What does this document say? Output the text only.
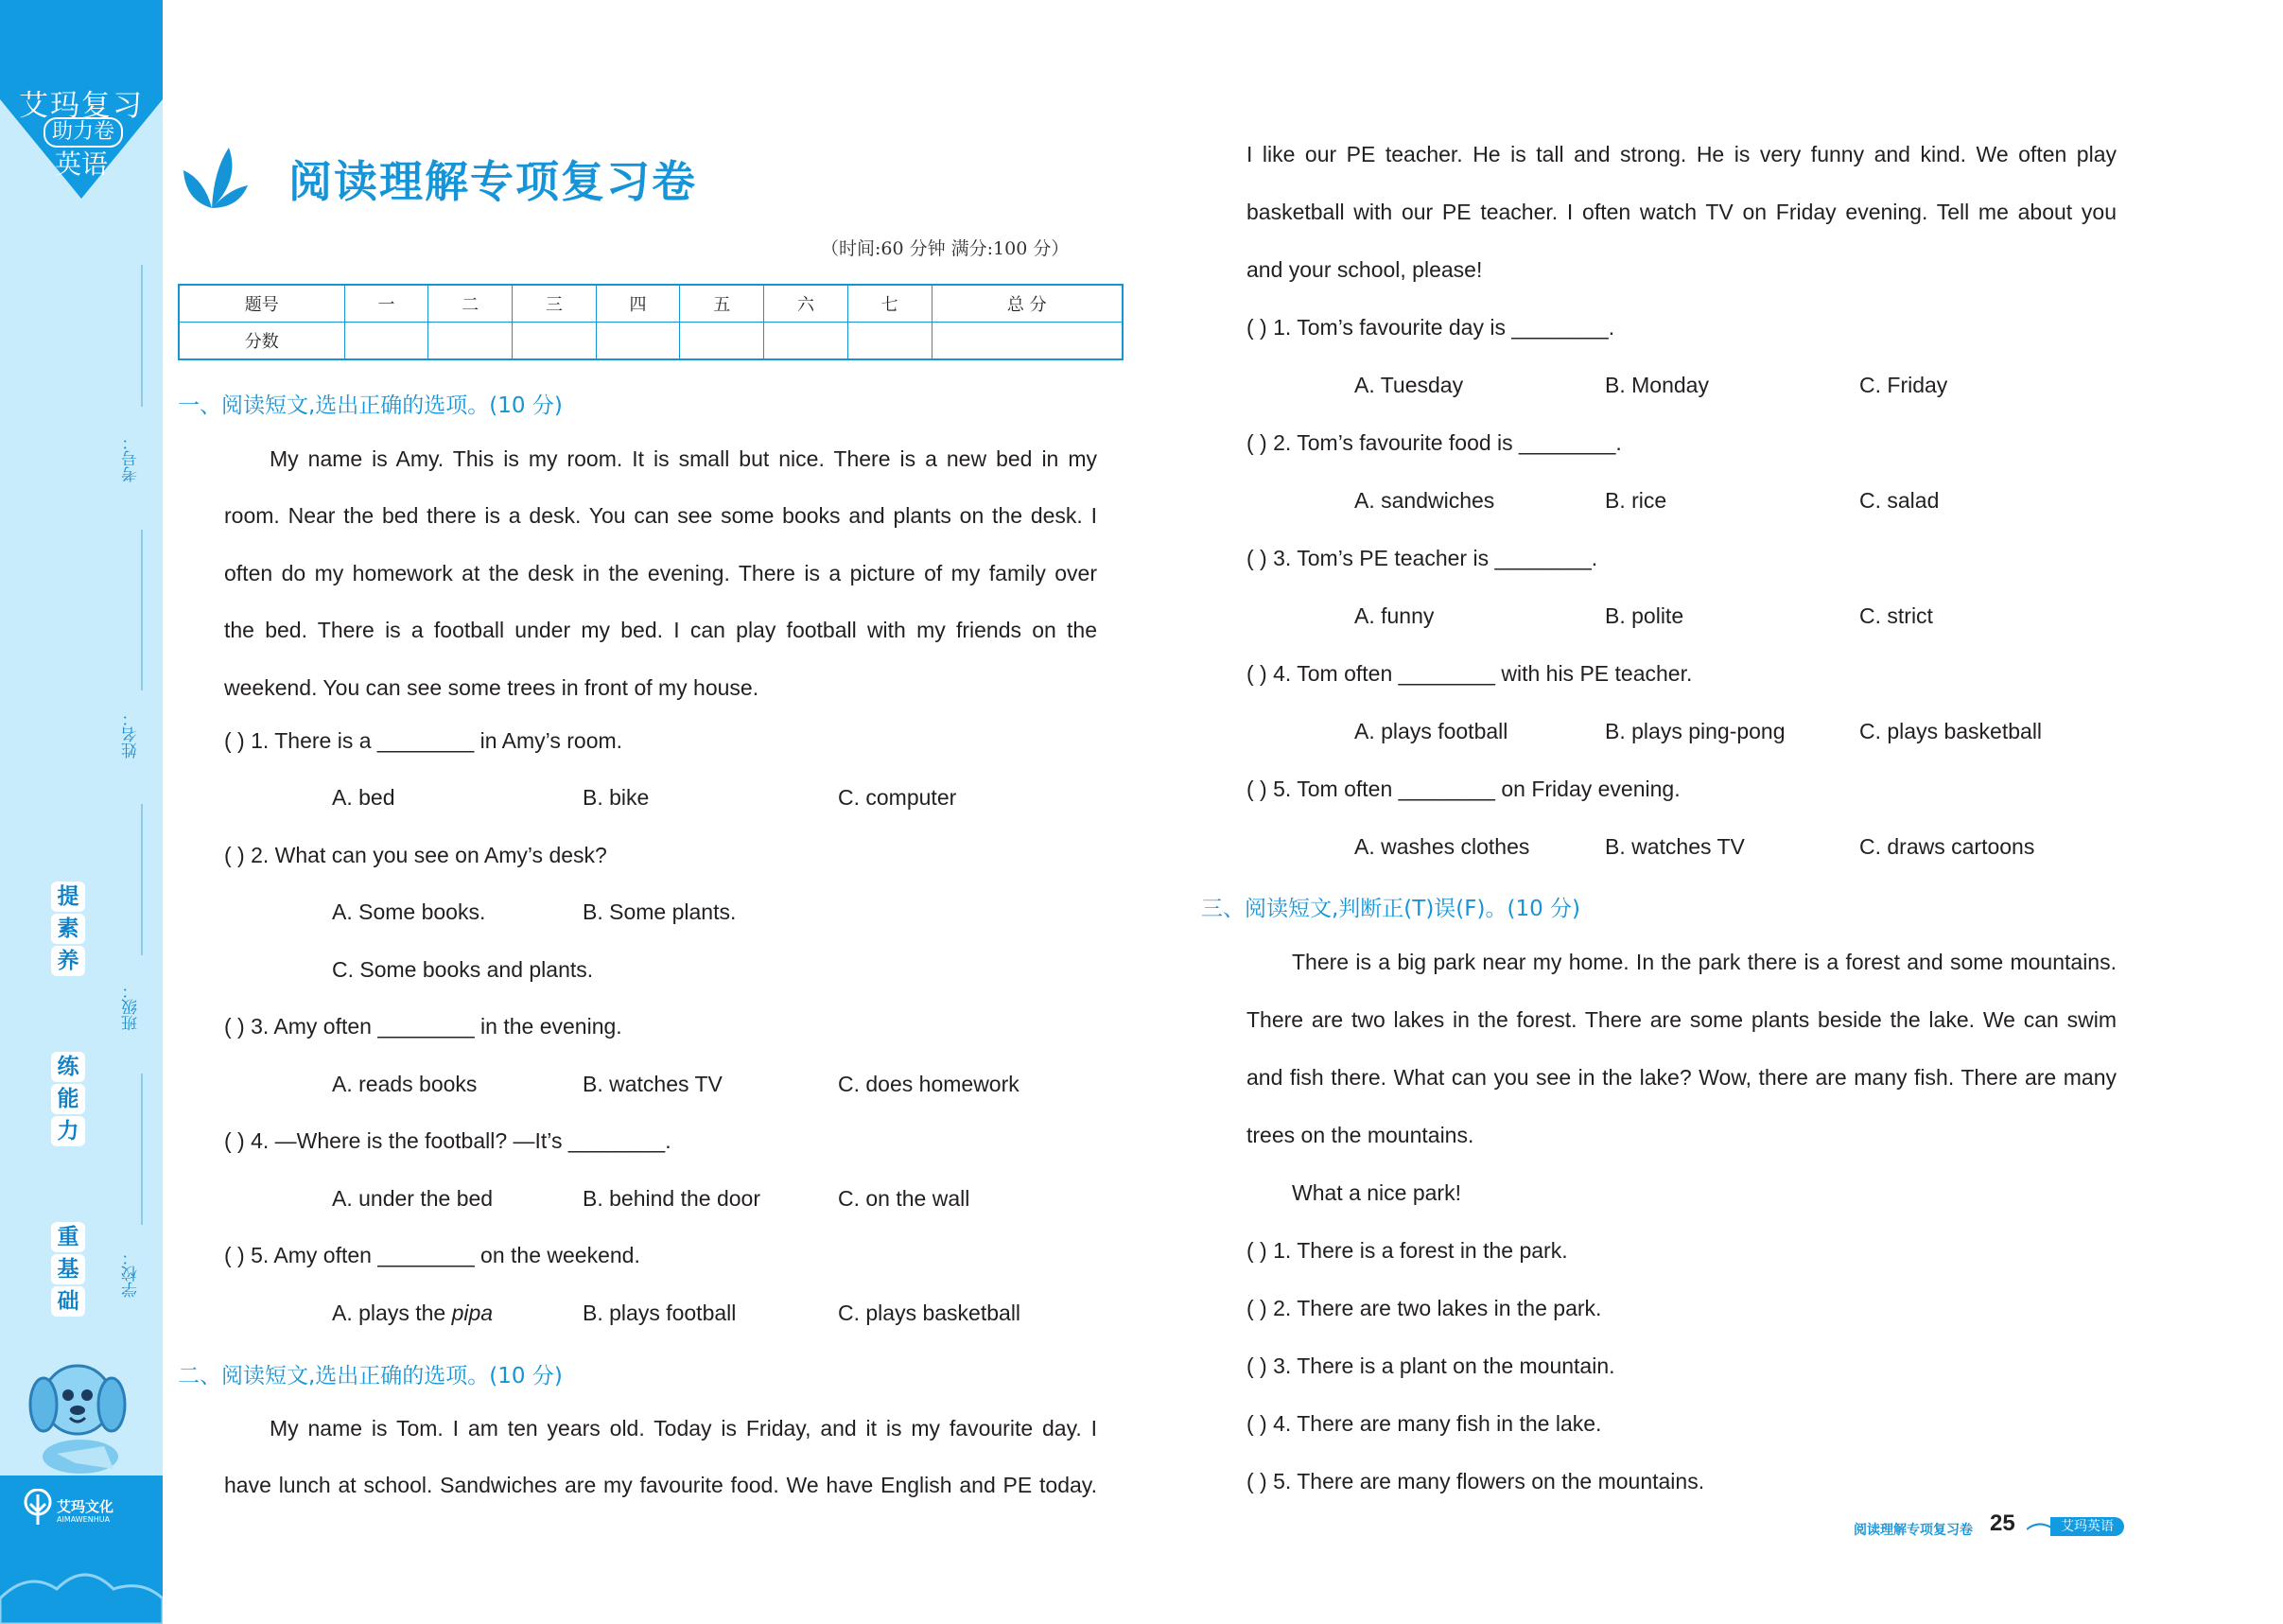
艾玛复习
助力卷
英语
考号：
姓名：
班级：
学校：
提
素
养
练
能
力
重
基
础
艾玛文化
AIMAWENHUA
阅读理解专项复习卷
（时间:60 分钟 满分:100 分）
题号	一	二	三	四	五	六	七	总 分
分数								
一、阅读短文,选出正确的选项。(10 分)
My name is Amy. This is my room. It is small but nice. There is a new bed in my
room. Near the bed there is a desk. You can see some books and plants on the desk. I
often do my homework at the desk in the evening. There is a picture of my family over
the bed. There is a football under my bed. I can play football with my friends on the
weekend. You can see some trees in front of my house.
( ) 1. There is a ________ in Amy’s room.
A. bed	B. bike	C. computer
( ) 2. What can you see on Amy’s desk?
A. Some books.	B. Some plants.
C. Some books and plants.
( ) 3. Amy often ________ in the evening.
A. reads books	B. watches TV	C. does homework
( ) 4. —Where is the football? —It’s ________.
A. under the bed	B. behind the door	C. on the wall
( ) 5. Amy often ________ on the weekend.
A. plays the pipa	B. plays football	C. plays basketball
二、阅读短文,选出正确的选项。(10 分)
My name is Tom. I am ten years old. Today is Friday, and it is my favourite day. I
have lunch at school. Sandwiches are my favourite food. We have English and PE today.
I like our PE teacher. He is tall and strong. He is very funny and kind. We often play
basketball with our PE teacher. I often watch TV on Friday evening. Tell me about you
and your school, please!
( ) 1. Tom’s favourite day is ________.
A. Tuesday	B. Monday	C. Friday
( ) 2. Tom’s favourite food is ________.
A. sandwiches	B. rice	C. salad
( ) 3. Tom’s PE teacher is ________.
A. funny	B. polite	C. strict
( ) 4. Tom often ________ with his PE teacher.
A. plays football	B. plays ping-pong	C. plays basketball
( ) 5. Tom often ________ on Friday evening.
A. washes clothes	B. watches TV	C. draws cartoons
三、阅读短文,判断正(T)误(F)。(10 分)
There is a big park near my home. In the park there is a forest and some mountains.
There are two lakes in the forest. There are some plants beside the lake. We can swim
and fish there. What can you see in the lake? Wow, there are many fish. There are many
trees on the mountains.
What a nice park!
( ) 1. There is a forest in the park.
( ) 2. There are two lakes in the park.
( ) 3. There is a plant on the mountain.
( ) 4. There are many fish in the lake.
( ) 5. There are many flowers on the mountains.
阅读理解专项复习卷 25	艾玛英语
